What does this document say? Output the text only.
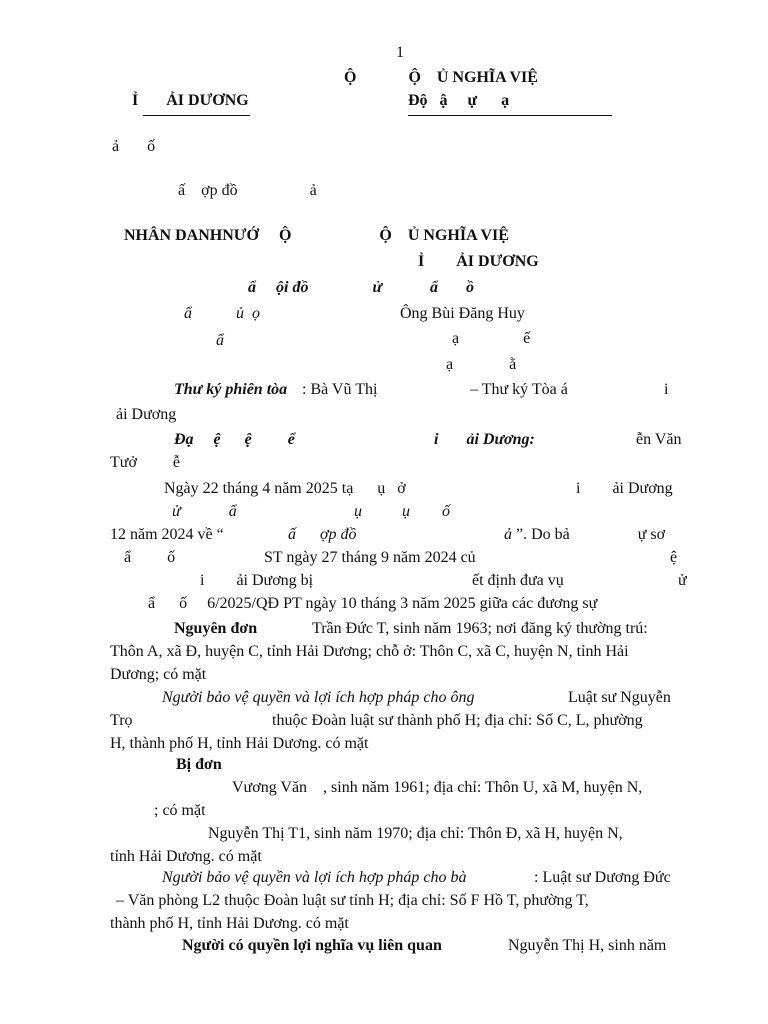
1
Ộ             Ộ    Ủ NGHĨA VIỆ
Ỉ       ẢI DƯƠNG	Độ   ậ     ự      ạ
ả       ố
ấ    ợp đồ                  ả
NHÂN DANHNƯỚ     Ộ                      Ộ    Ủ NGHĨA VIỆ
Ỉ        ẢI DƯƠNG
ẩ     ội đồ                ử            ẩ       ồ
ẩ           ủ  ọ	Ông Bùi Đăng Huy
ẩ	ạ                ế
ạ              ằ
Thư ký phiên tòa : Bà Vũ Thị	– Thư ký Tòa á	i
ải Dương
Đạ     ệ      ệ         ể	i       ải Dương:	ễn Văn
Tưở         ễ
Ngày 22 tháng 4 năm 2025 tạ      ụ   ở	i        ải Dương
ử            ẩ	ụ          ụ        ố
12 năm 2024 về “	ấ      ợp đồ	ả ”. Do bả                 ự sơ
ẩ         ố	ST ngày 27 tháng 9 năm 2024 củ	ệ
i        ải Dương bị	ết định đưa vụ	ử
ẩ      ố     6/2025/QĐ PT ngày 10 tháng 3 năm 2025 giữa các đương sự
Nguyên đơn	Trần Đức T, sinh năm 1963; nơi đăng ký thường trú:
Thôn A, xã Đ, huyện C, tỉnh Hải Dương; chỗ ở: Thôn C, xã C, huyện N, tỉnh Hải
Dương; có mặt
Người bảo vệ quyền và lợi ích hợp pháp cho ông	Luật sư Nguyễn
Trọ	thuộc Đoàn luật sư thành phố H; địa chỉ: Số C, L, phường
H, thành phố H, tỉnh Hải Dương. có mặt
Bị đơn
Vương Văn    , sinh năm 1961; địa chỉ: Thôn U, xã M, huyện N,
; có mặt
Nguyễn Thị T1, sinh năm 1970; địa chỉ: Thôn Đ, xã H, huyện N,
tỉnh Hải Dương. có mặt
Người bảo vệ quyền và lợi ích hợp pháp cho bà	: Luật sư Dương Đức
– Văn phòng L2 thuộc Đoàn luật sư tỉnh H; địa chỉ: Số F Hồ T, phường T,
thành phố H, tỉnh Hải Dương. có mặt
Người có quyền lợi nghĩa vụ liên quan	Nguyễn Thị H, sinh năm
